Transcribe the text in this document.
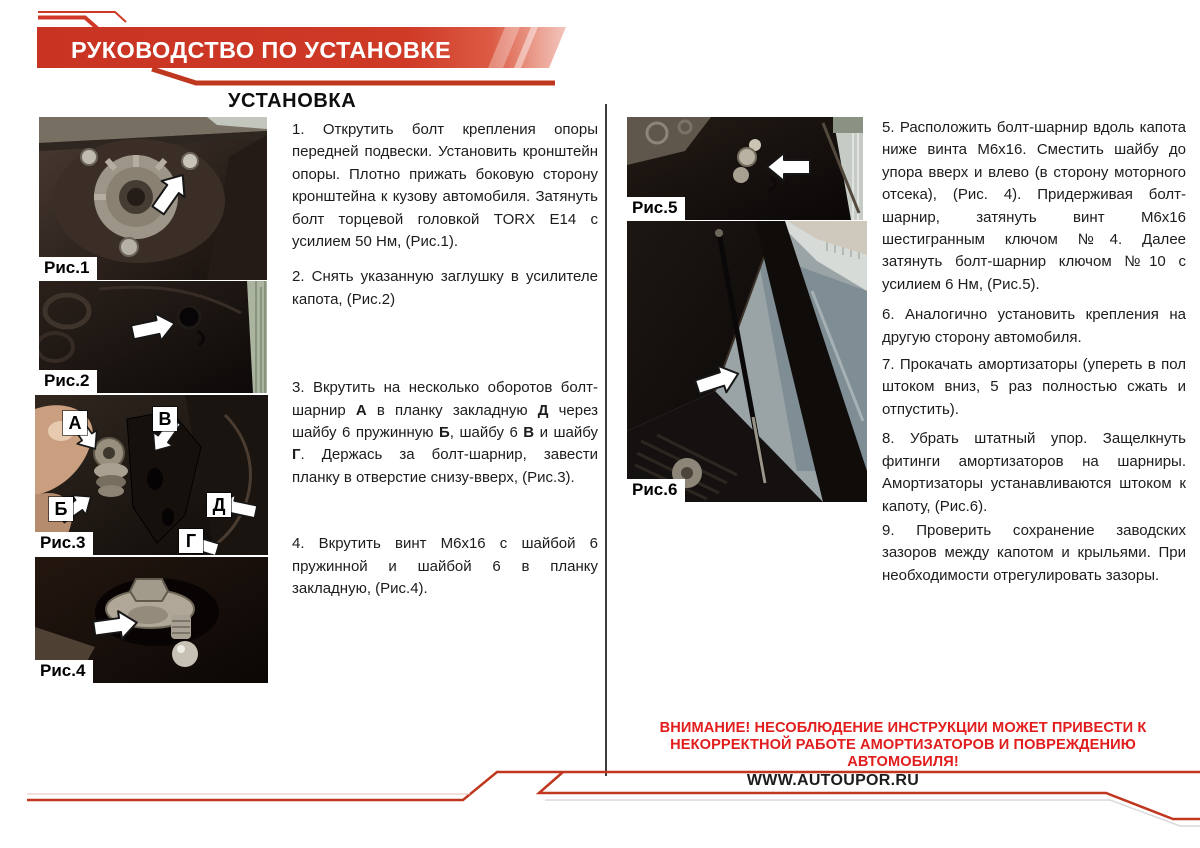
РУКОВОДСТВО ПО УСТАНОВКЕ
УСТАНОВКА
Рис.1
Рис.2
А	В
Б	Д
Г
Рис.3
Рис.4
Рис.5
Рис.6

1. Открутить болт крепления опоры передней подвески. Установить кронштейн опоры. Плотно прижать боковую сторону кронштейна к кузову автомобиля. Затянуть болт торцевой головкой TORX E14 с усилием 50 Нм, (Рис.1).

2. Снять указанную заглушку в усилителе капота, (Рис.2)

3. Вкрутить на несколько оборотов болт-шарнир А в планку закладную Д через шайбу 6 пружинную Б, шайбу 6 В и шайбу Г. Держась за болт-шарнир, завести планку в отверстие снизу-вверх, (Рис.3).

4. Вкрутить винт М6х16 с шайбой 6 пружинной и шайбой 6 в планку закладную, (Рис.4).

5. Расположить болт-шарнир вдоль капота ниже винта М6х16. Сместить шайбу до упора вверх и влево (в сторону моторного отсека), (Рис. 4). Придерживая болт-шарнир, затянуть винт М6х16 шестигранным ключом №4. Далее затянуть болт-шарнир ключом №10 с усилием 6 Нм, (Рис.5).

6. Аналогично установить крепления на другую сторону автомобиля.

7. Прокачать амортизаторы (упереть в пол штоком вниз, 5 раз полностью сжать и отпустить).

8. Убрать штатный упор. Защелкнуть фитинги амортизаторов на шарниры. Амортизаторы устанавливаются штоком к капоту, (Рис.6).

9. Проверить сохранение заводских зазоров между капотом и крыльями. При необходимости отрегулировать зазоры.

ВНИМАНИЕ! НЕСОБЛЮДЕНИЕ ИНСТРУКЦИИ МОЖЕТ ПРИВЕСТИ К
НЕКОРРЕКТНОЙ РАБОТЕ АМОРТИЗАТОРОВ И ПОВРЕЖДЕНИЮ
АВТОМОБИЛЯ!
WWW.AUTOUPOR.RU
